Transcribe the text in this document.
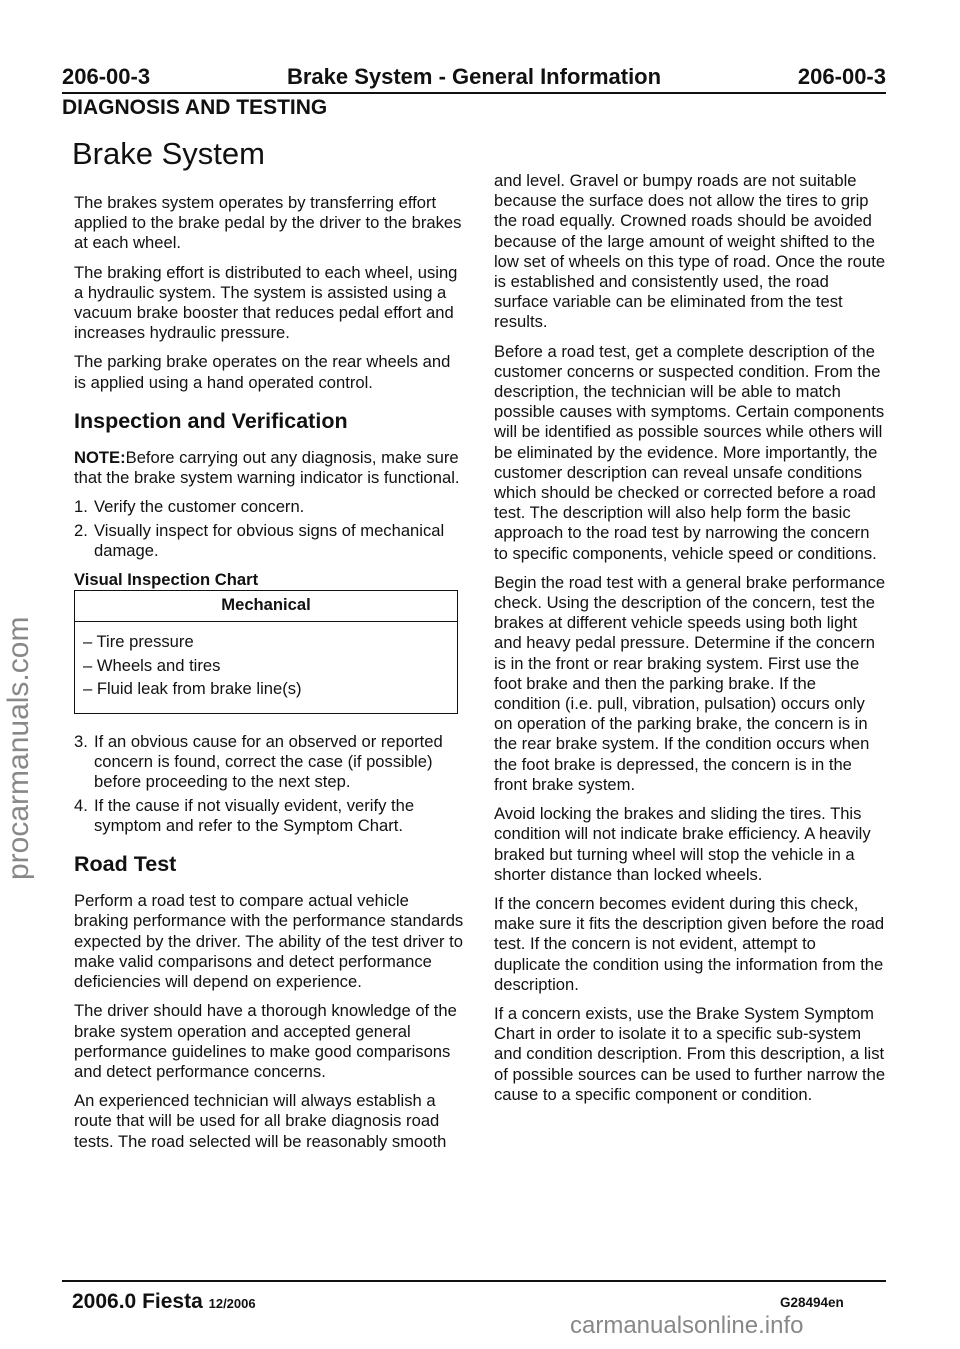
206-00-3	Brake System - General Information	206-00-3
DIAGNOSIS AND TESTING
Brake System

The brakes system operates by transferring effort applied to the brake pedal by the driver to the brakes at each wheel.

The braking effort is distributed to each wheel, using a hydraulic system. The system is assisted using a vacuum brake booster that reduces pedal effort and increases hydraulic pressure.

The parking brake operates on the rear wheels and is applied using a hand operated control.

Inspection and Verification

NOTE:Before carrying out any diagnosis, make sure that the brake system warning indicator is functional.

1. Verify the customer concern.
2. Visually inspect for obvious signs of mechanical damage.
Visual Inspection Chart
Mechanical
– Tire pressure
– Wheels and tires
– Fluid leak from brake line(s)
3. If an obvious cause for an observed or reported concern is found, correct the case (if possible) before proceeding to the next step.
4. If the cause if not visually evident, verify the symptom and refer to the Symptom Chart.
Road Test

Perform a road test to compare actual vehicle braking performance with the performance standards expected by the driver. The ability of the test driver to make valid comparisons and detect performance deficiencies will depend on experience.

The driver should have a thorough knowledge of the brake system operation and accepted general performance guidelines to make good comparisons and detect performance concerns.

An experienced technician will always establish a route that will be used for all brake diagnosis road tests. The road selected will be reasonably smooth

and level. Gravel or bumpy roads are not suitable because the surface does not allow the tires to grip the road equally. Crowned roads should be avoided because of the large amount of weight shifted to the low set of wheels on this type of road. Once the route is established and consistently used, the road surface variable can be eliminated from the test results.

Before a road test, get a complete description of the customer concerns or suspected condition. From the description, the technician will be able to match possible causes with symptoms. Certain components will be identified as possible sources while others will be eliminated by the evidence. More importantly, the customer description can reveal unsafe conditions which should be checked or corrected before a road test. The description will also help form the basic approach to the road test by narrowing the concern to specific components, vehicle speed or conditions.

Begin the road test with a general brake performance check. Using the description of the concern, test the brakes at different vehicle speeds using both light and heavy pedal pressure. Determine if the concern is in the front or rear braking system. First use the foot brake and then the parking brake. If the condition (i.e. pull, vibration, pulsation) occurs only on operation of the parking brake, the concern is in the rear brake system. If the condition occurs when the foot brake is depressed, the concern is in the front brake system.

Avoid locking the brakes and sliding the tires. This condition will not indicate brake efficiency. A heavily braked but turning wheel will stop the vehicle in a shorter distance than locked wheels.

If the concern becomes evident during this check, make sure it fits the description given before the road test. If the concern is not evident, attempt to duplicate the condition using the information from the description.

If a concern exists, use the Brake System Symptom Chart in order to isolate it to a specific sub-system and condition description. From this description, a list of possible sources can be used to further narrow the cause to a specific component or condition.

2006.0 Fiesta 12/2006	G28494en
procarmanuals.com
carmanualsonline.info
